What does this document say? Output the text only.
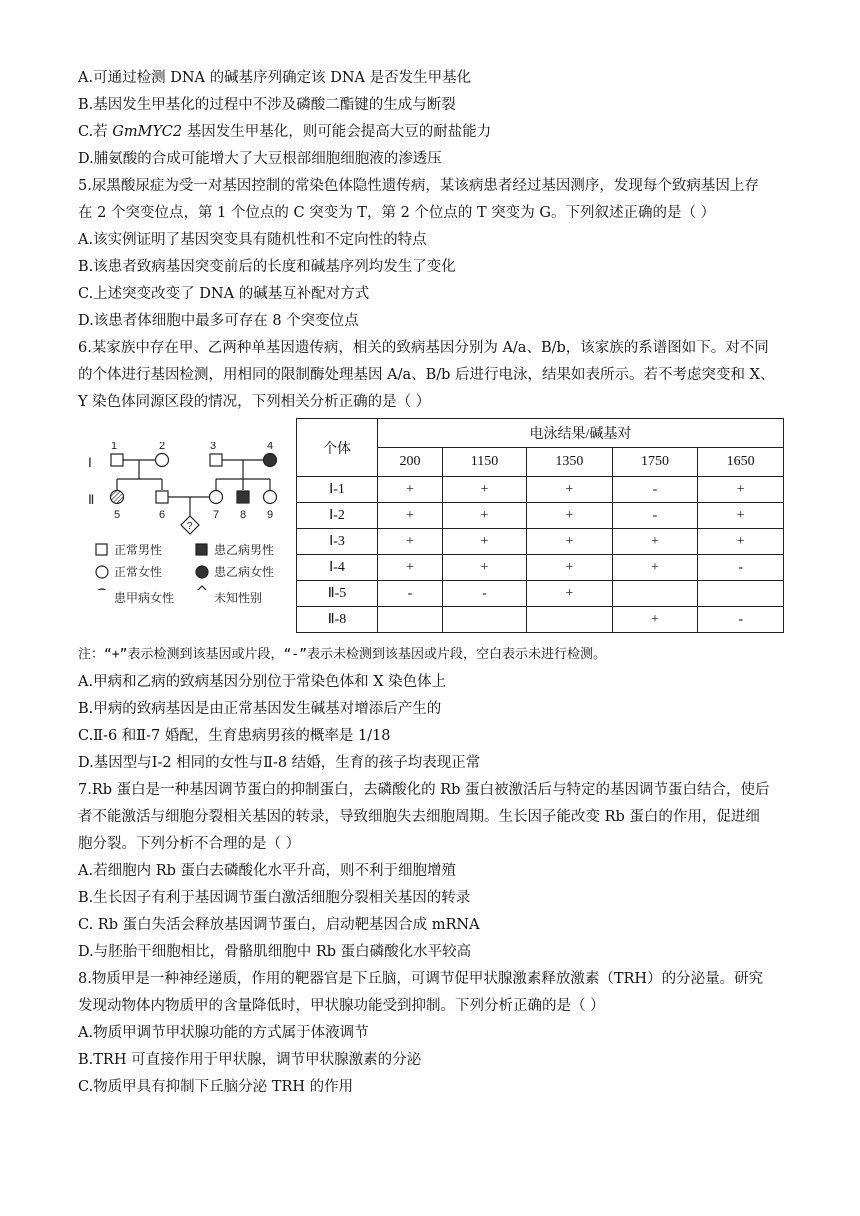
A.可通过检测 DNA 的碱基序列确定该 DNA 是否发生甲基化
B.基因发生甲基化的过程中不涉及磷酸二酯键的生成与断裂
C.若 GmMYC2 基因发生甲基化，则可能会提高大豆的耐盐能力
D.脯氨酸的合成可能增大了大豆根部细胞细胞液的渗透压
5.尿黑酸尿症为受一对基因控制的常染色体隐性遗传病，某该病患者经过基因测序，发现每个致病基因上存
在 2 个突变位点，第 1 个位点的 C 突变为 T，第 2 个位点的 T 突变为 G。下列叙述正确的是（ ）
A.该实例证明了基因突变具有随机性和不定向性的特点
B.该患者致病基因突变前后的长度和碱基序列均发生了变化
C.上述突变改变了 DNA 的碱基互补配对方式
D.该患者体细胞中最多可存在 8 个突变位点
6.某家族中存在甲、乙两种单基因遗传病，相关的致病基因分别为 A/a、B/b，该家族的系谱图如下。对不同
的个体进行基因检测，用相同的限制酶处理基因 A/a、B/b 后进行电泳，结果如表所示。若不考虑突变和 X、
Y 染色体同源区段的情况，下列相关分析正确的是（ ）
Ⅰ
Ⅱ
1	2	3	4
5	6	7 8 9
?
正常男性	患乙病男性
正常女性	患乙病女性
患甲病女性	未知性别
个体	电泳结果/碱基对				
	200	1150	1350	1750	1650
Ⅰ-1	+	+	+	-	+
Ⅰ-2	+	+	+	-	+
Ⅰ-3	+	+	+	+	+
Ⅰ-4	+	+	+	+	-
Ⅱ-5	-	-	+		
Ⅱ-8				+	-
注：“+”表示检测到该基因或片段，“-”表示未检测到该基因或片段，空白表示未进行检测。
A.甲病和乙病的致病基因分别位于常染色体和 X 染色体上
B.甲病的致病基因是由正常基因发生碱基对增添后产生的
C.Ⅱ-6 和Ⅱ-7 婚配，生育患病男孩的概率是 1/18
D.基因型与Ⅰ-2 相同的女性与Ⅱ-8 结婚，生育的孩子均表现正常
7.Rb 蛋白是一种基因调节蛋白的抑制蛋白，去磷酸化的 Rb 蛋白被激活后与特定的基因调节蛋白结合，使后
者不能激活与细胞分裂相关基因的转录，导致细胞失去细胞周期。生长因子能改变 Rb 蛋白的作用，促进细
胞分裂。下列分析不合理的是（ ）
A.若细胞内 Rb 蛋白去磷酸化水平升高，则不利于细胞增殖
B.生长因子有利于基因调节蛋白激活细胞分裂相关基因的转录
C. Rb 蛋白失活会释放基因调节蛋白，启动靶基因合成 mRNA
D.与胚胎干细胞相比，骨骼肌细胞中 Rb 蛋白磷酸化水平较高
8.物质甲是一种神经递质，作用的靶器官是下丘脑，可调节促甲状腺激素释放激素（TRH）的分泌量。研究
发现动物体内物质甲的含量降低时，甲状腺功能受到抑制。下列分析正确的是（ ）
A.物质甲调节甲状腺功能的方式属于体液调节
B.TRH 可直接作用于甲状腺，调节甲状腺激素的分泌
C.物质甲具有抑制下丘脑分泌 TRH 的作用
